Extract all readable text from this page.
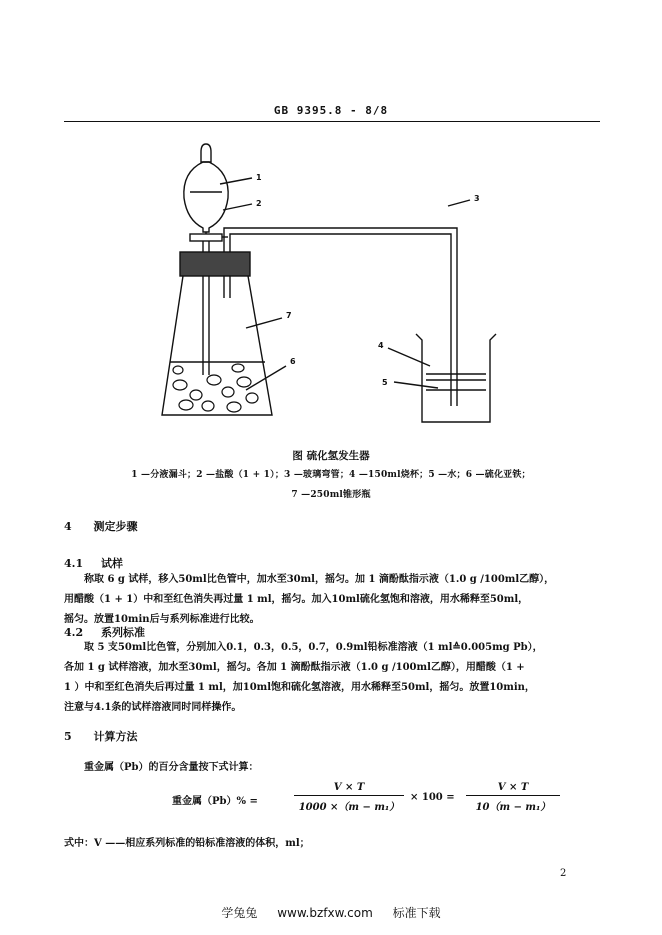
GB 9395.8 - 8/8
1
2
3
4
5
6
7
图 硫化氢发生器
1 —分液漏斗；2 —盐酸（1 + 1）；3 —玻璃弯管；4 —150ml烧杯；5 —水；6 —硫化亚铁；
7 —250ml锥形瓶
4 测定步骤
4.1 试样

称取 6 g 试样，移入50ml比色管中，加水至30ml，摇匀。加 1 滴酚酞指示液（1.0 g /100ml乙醇），

用醋酸（1 + 1）中和至红色消失再过量 1 ml，摇匀。加入10ml硫化氢饱和溶液，用水稀释至50ml，

摇匀。放置10min后与系列标准进行比较。

4.2 系列标准

取 5 支50ml比色管，分别加入0.1，0.3，0.5，0.7，0.9ml铅标准溶液（1 ml≙0.005mg Pb），

各加 1 g 试样溶液，加水至30ml，摇匀。各加 1 滴酚酞指示液（1.0 g /100ml乙醇），用醋酸（1 +

1 ）中和至红色消失后再过量 1 ml，加10ml饱和硫化氢溶液，用水稀释至50ml，摇匀。放置10min，

注意与4.1条的试样溶液同时同样操作。

5 计算方法
重金属（Pb）的百分含量按下式计算：
重金属（Pb）% =	$\frac{V \times T}{\text{1000 ×（m − m₁）}} \times 100 = \frac{V \times T}{\text{10（m − m₁）}}$
式中：V ——相应系列标准的铅标准溶液的体积，ml；
2
学兔兔 www.bzfxw.com 标准下载
